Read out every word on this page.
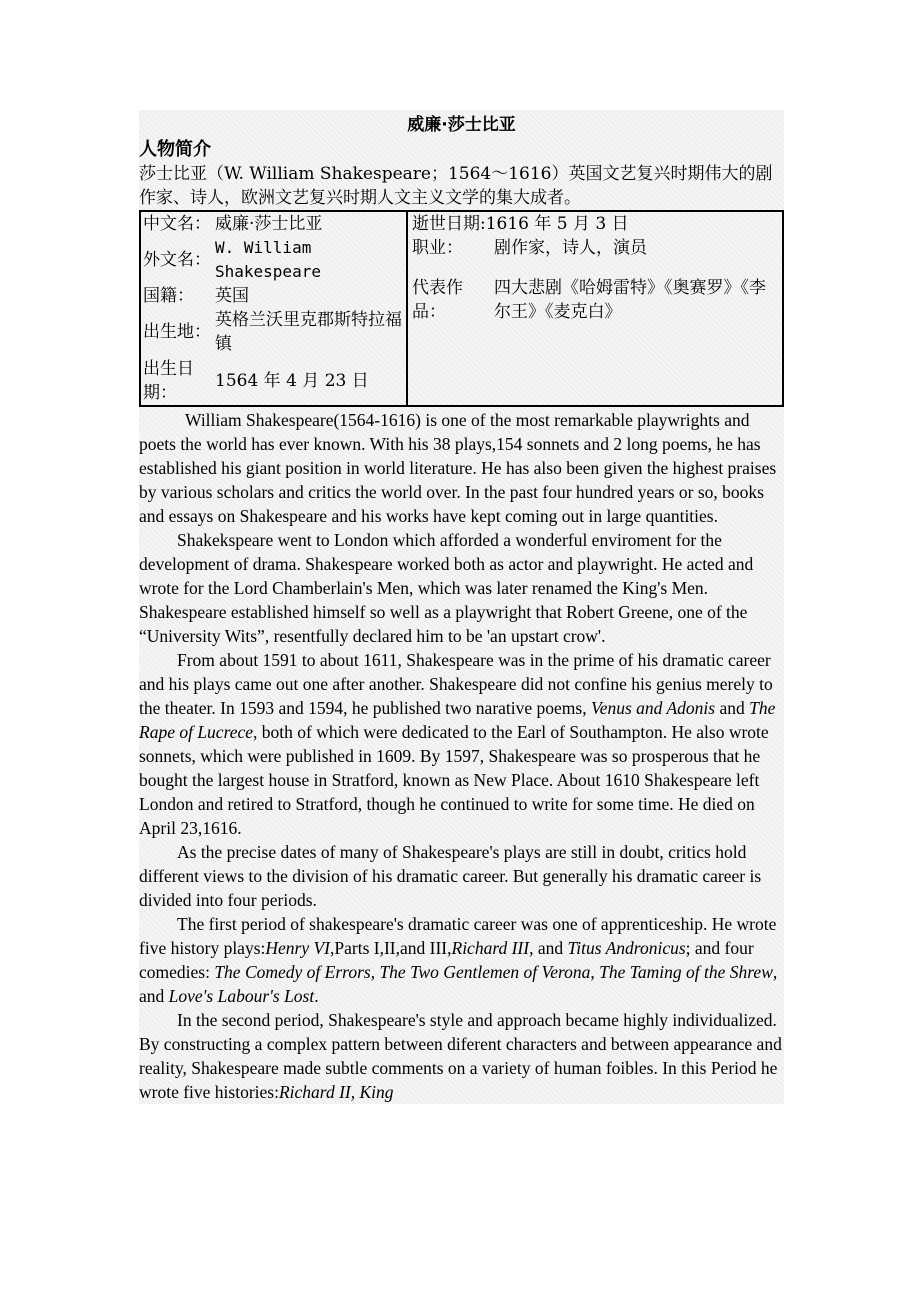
威廉·莎士比亚
人物简介
莎士比亚（W. William Shakespeare；1564～1616）英国文艺复兴时期伟大的剧作家、诗人，欧洲文艺复兴时期人文主义文学的集大成者。
中文名：	威廉·莎士比亚
外文名：	W. William Shakespeare
国籍：	英国
出生地：	英格兰沃里克郡斯特拉福镇
出生日期：	1564 年 4 月 23 日

逝世日期: 1616 年 5 月 3 日
职业：	剧作家，诗人，演员
代表作品：
四大悲剧《哈姆雷特》《奥赛罗》《李尔王》《麦克白》

William Shakespeare(1564-1616) is one of the most remarkable playwrights and poets the world has ever known. With his 38 plays,154 sonnets and 2 long poems, he has established his giant position in world literature. He has also been given the highest praises by various scholars and critics the world over. In the past four hundred years or so, books and essays on Shakespeare and his works have kept coming out in large quantities.

Shakekspeare went to London which afforded a wonderful enviroment for the development of drama. Shakespeare worked both as actor and playwright. He acted and wrote for the Lord Chamberlain's Men, which was later renamed the King's Men. Shakespeare established himself so well as a playwright that Robert Greene, one of the “University Wits”, resentfully declared him to be 'an upstart crow'.

From about 1591 to about 1611, Shakespeare was in the prime of his dramatic career and his plays came out one after another. Shakespeare did not confine his genius merely to the theater. In 1593 and 1594, he published two narative poems, Venus and Adonis and The Rape of Lucrece, both of which were dedicated to the Earl of Southampton. He also wrote sonnets, which were published in 1609. By 1597, Shakespeare was so prosperous that he bought the largest house in Stratford, known as New Place. About 1610 Shakespeare left London and retired to Stratford, though he continued to write for some time. He died on April 23,1616.

As the precise dates of many of Shakespeare's plays are still in doubt, critics hold different views to the division of his dramatic career. But generally his dramatic career is divided into four periods.

The first period of shakespeare's dramatic career was one of apprenticeship. He wrote five history plays:Henry VI,Parts I,II,and III,Richard III, and Titus Andronicus; and four comedies: The Comedy of Errors, The Two Gentlemen of Verona, The Taming of the Shrew, and Love's Labour's Lost.

In the second period, Shakespeare's style and approach became highly individualized. By constructing a complex pattern between diferent characters and between appearance and reality, Shakespeare made subtle comments on a variety of human foibles. In this Period he wrote five histories:Richard II, King
